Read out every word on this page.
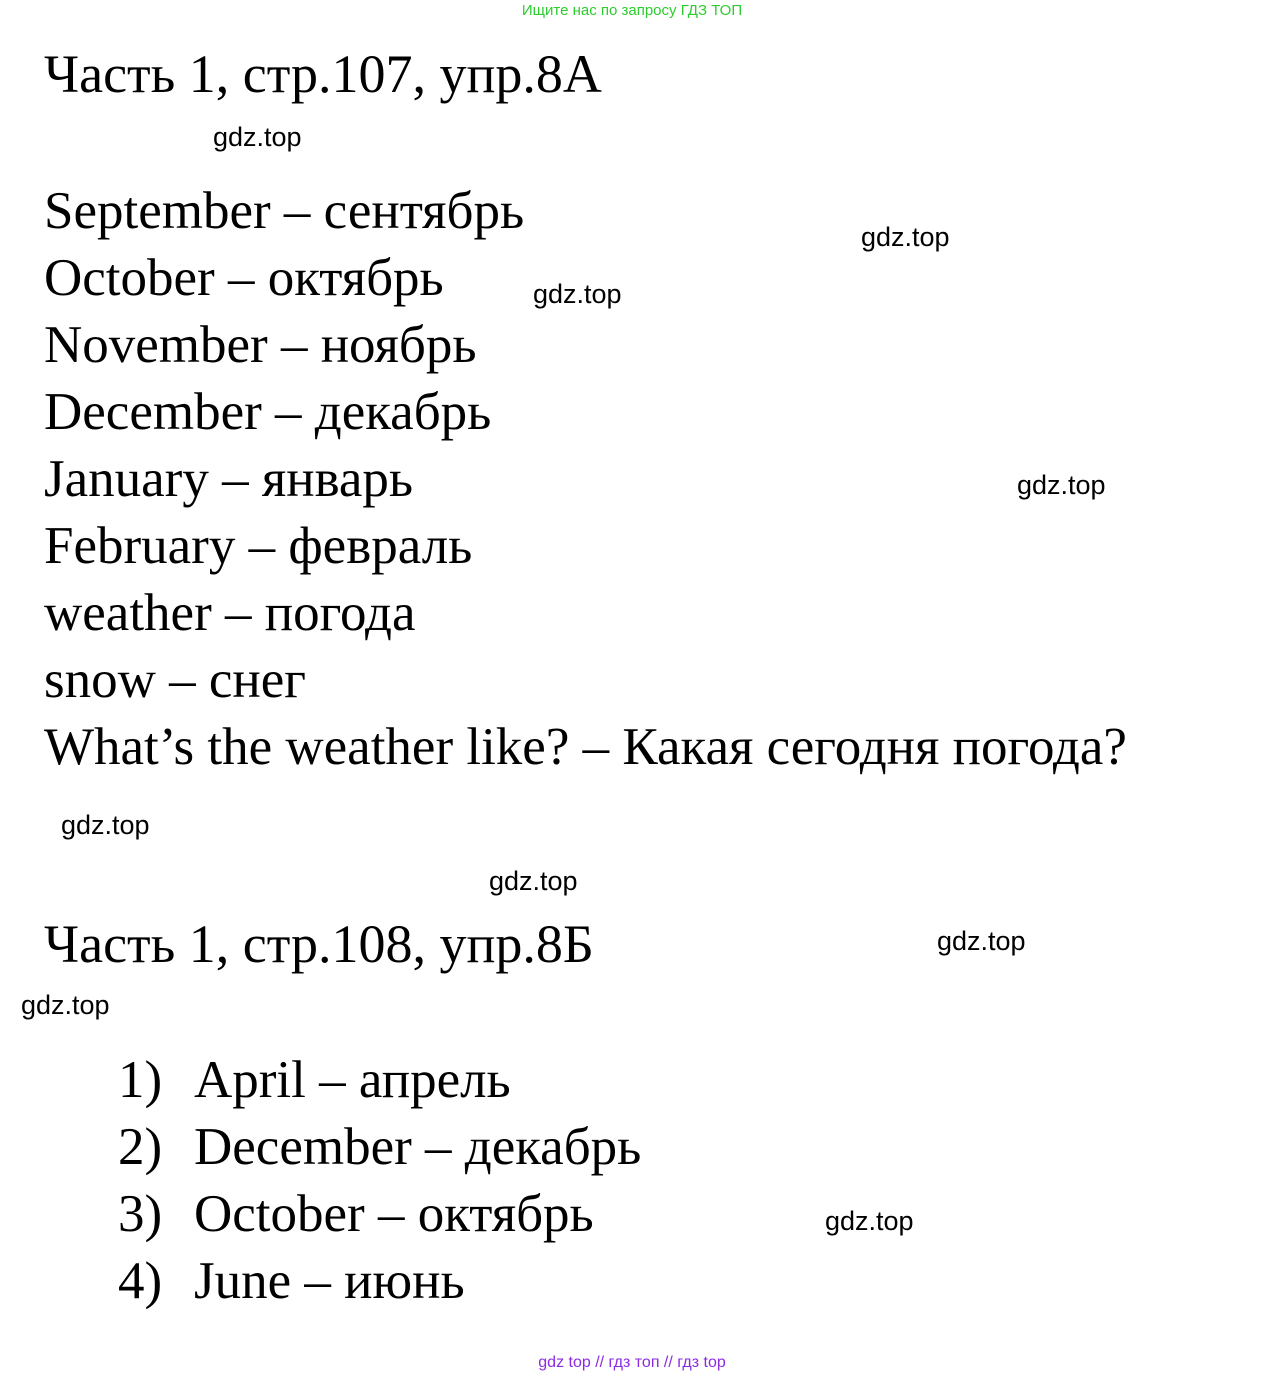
Ищите нас по запросу ГДЗ ТОП
Часть 1, стр.107, упр.8А
September – сентябрь
October – октябрь
November – ноябрь
December – декабрь
January – январь
February – февраль
weather – погода
snow – снег
What’s the weather like? – Какая сегодня погода?
Часть 1, стр.108, упр.8Б
1) April – апрель
2) December – декабрь
3) October – октябрь
4) June – июнь
gdz.top
gdz.top
gdz.top
gdz.top
gdz.top
gdz.top
gdz.top
gdz.top
gdz.top
gdz top // гдз топ // гдз top
